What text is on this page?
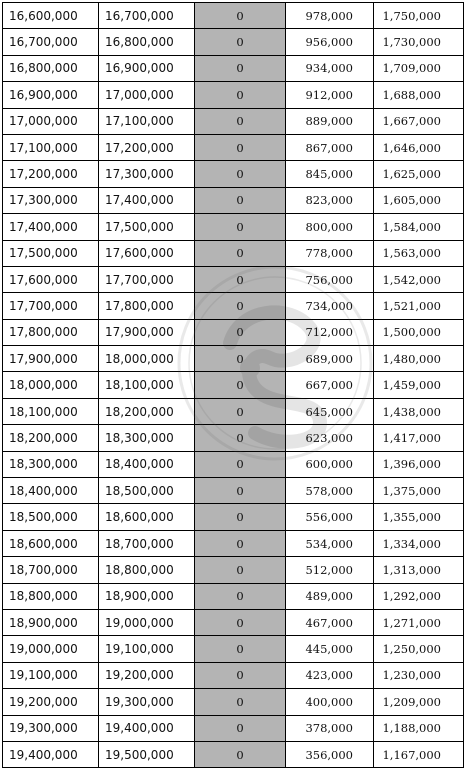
16,600,000	16,700,000	0	978,000	1,750,000
16,700,000	16,800,000	0	956,000	1,730,000
16,800,000	16,900,000	0	934,000	1,709,000
16,900,000	17,000,000	0	912,000	1,688,000
17,000,000	17,100,000	0	889,000	1,667,000
17,100,000	17,200,000	0	867,000	1,646,000
17,200,000	17,300,000	0	845,000	1,625,000
17,300,000	17,400,000	0	823,000	1,605,000
17,400,000	17,500,000	0	800,000	1,584,000
17,500,000	17,600,000	0	778,000	1,563,000
17,600,000	17,700,000	0	756,000	1,542,000
17,700,000	17,800,000	0	734,000	1,521,000
17,800,000	17,900,000	0	712,000	1,500,000
17,900,000	18,000,000	0	689,000	1,480,000
18,000,000	18,100,000	0	667,000	1,459,000
18,100,000	18,200,000	0	645,000	1,438,000
18,200,000	18,300,000	0	623,000	1,417,000
18,300,000	18,400,000	0	600,000	1,396,000
18,400,000	18,500,000	0	578,000	1,375,000
18,500,000	18,600,000	0	556,000	1,355,000
18,600,000	18,700,000	0	534,000	1,334,000
18,700,000	18,800,000	0	512,000	1,313,000
18,800,000	18,900,000	0	489,000	1,292,000
18,900,000	19,000,000	0	467,000	1,271,000
19,000,000	19,100,000	0	445,000	1,250,000
19,100,000	19,200,000	0	423,000	1,230,000
19,200,000	19,300,000	0	400,000	1,209,000
19,300,000	19,400,000	0	378,000	1,188,000
19,400,000	19,500,000	0	356,000	1,167,000
